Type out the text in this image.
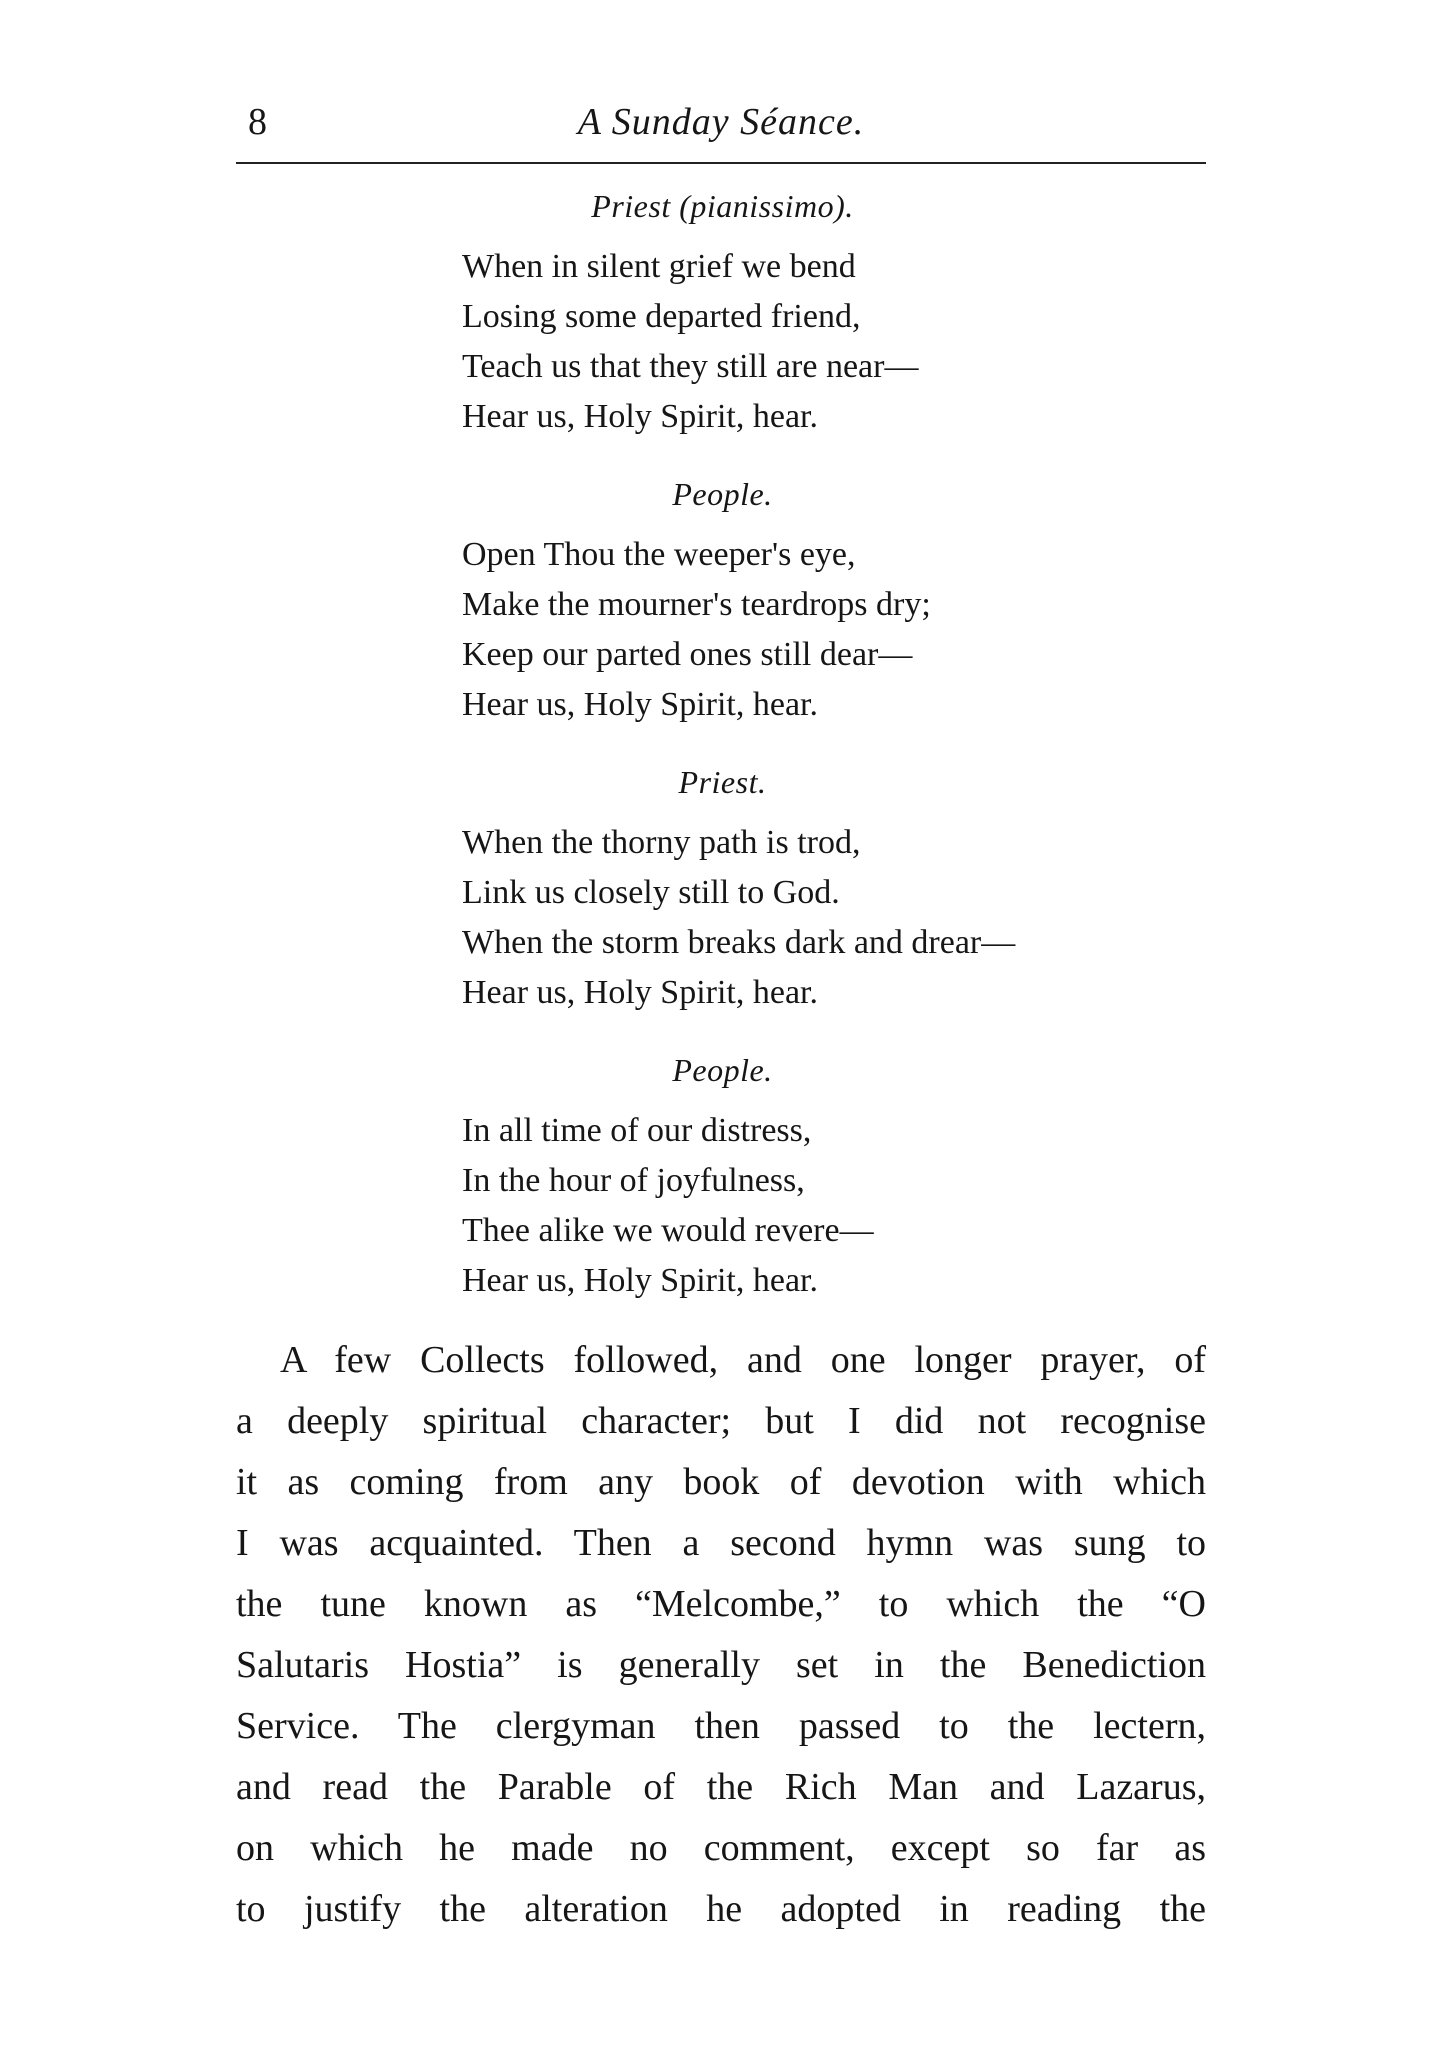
8	A Sunday Séance.
Priest (pianissimo).
When in silent grief we bend
Losing some departed friend,
Teach us that they still are near—
Hear us, Holy Spirit, hear.
People.
Open Thou the weeper's eye,
Make the mourner's teardrops dry;
Keep our parted ones still dear—
Hear us, Holy Spirit, hear.
Priest.
When the thorny path is trod,
Link us closely still to God.
When the storm breaks dark and drear—
Hear us, Holy Spirit, hear.
People.
In all time of our distress,
In the hour of joyfulness,
Thee alike we would revere—
Hear us, Holy Spirit, hear.
A few Collects followed, and one longer prayer, of
a deeply spiritual character; but I did not recognise
it as coming from any book of devotion with which
I was acquainted. Then a second hymn was sung to
the tune known as “Melcombe,” to which the “O
Salutaris Hostia” is generally set in the Benediction
Service. The clergyman then passed to the lectern,
and read the Parable of the Rich Man and Lazarus,
on which he made no comment, except so far as
to justify the alteration he adopted in reading the
